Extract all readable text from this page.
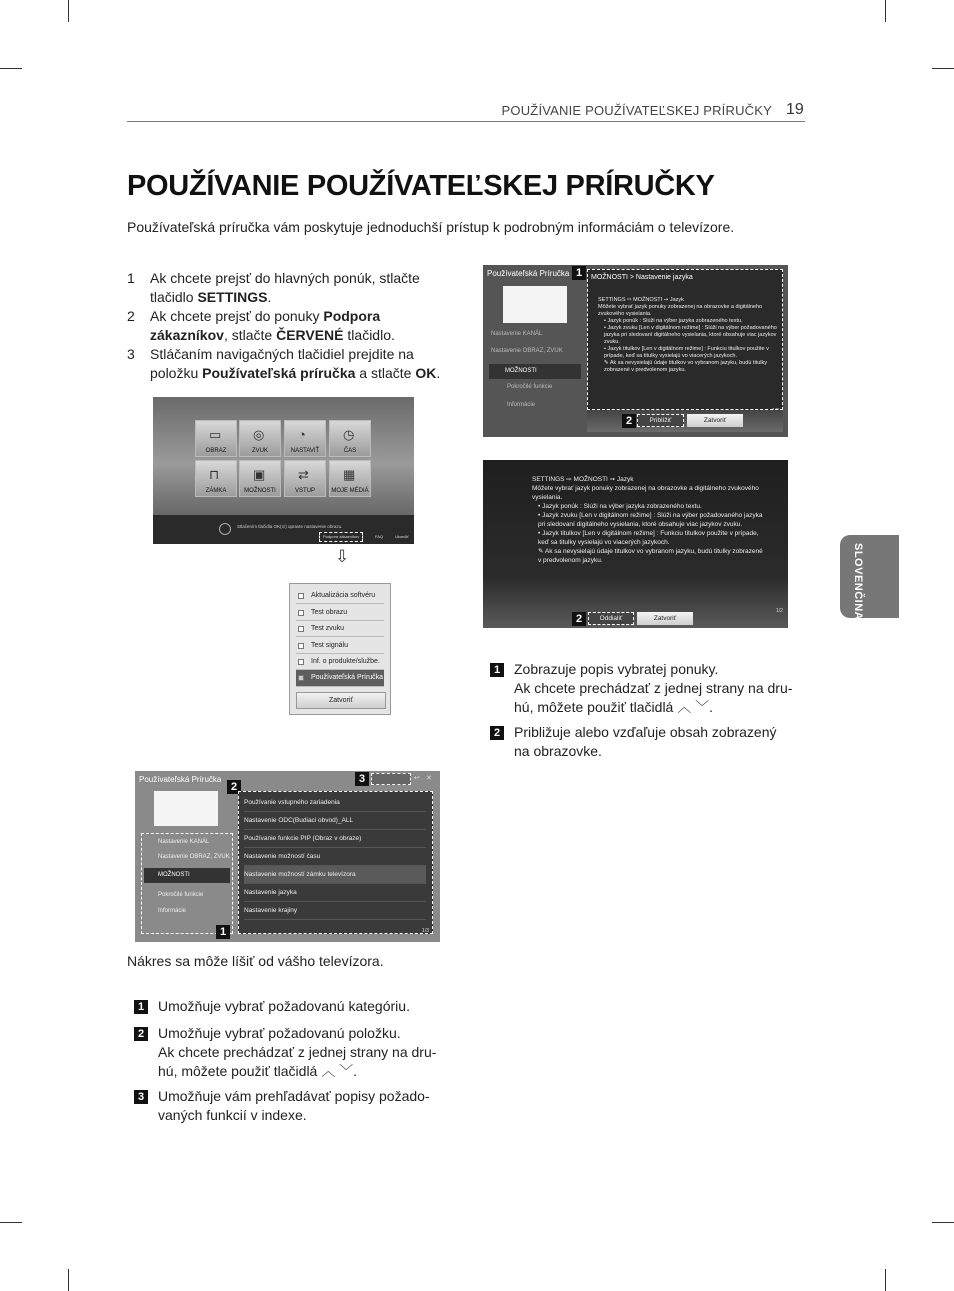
POUŽÍVANIE POUŽÍVATEĽSKEJ PRÍRUČKY 19
POUŽÍVANIE POUŽÍVATEĽSKEJ PRÍRUČKY

Používateľská príručka vám poskytuje jednoduchší prístup k podrobným informáciám o televízore.

1 Ak chcete prejsť do hlavných ponúk, stlačte tlačidlo SETTINGS.
2 Ak chcete prejsť do ponuky Podpora zákazníkov, stlačte ČERVENÉ tlačidlo.
3 Stláčaním navigačných tlačidiel prejdite na položku Používateľská príručka a stlačte OK.
▭
OBRAZ
◎
ZVUK
◔
NASTAVIŤ
◷
ČAS
⊓
ZÁMKA
▣
MOŽNOSTI
⇄
VSTUP
▦
MOJE MÉDIÁ
Stlačením tlačidla OK(⊙) upravte nastavenie obrazu.
Podpora zákazníkov	FAQ	Ukončiť
⇩
Aktualizácia softvéru
Test obrazu
Test zvuku
Test signálu
Inf. o produkte/službe.
Používateľská Príručka
Zatvoriť
Používateľská Príručka
Nastavenie KANÁL
Nastavenie OBRAZ, ZVUK
MOŽNOSTI
Pokročilé funkcie
Informácie
1	MOŽNOSTI > Nastavenie jazyka
SETTINGS ⇨ MOŽNOSTI ➙ Jazyk
Môžete vybrať jazyk ponuky zobrazenej na obrazovke a digitálneho zvukového vysielania.
• Jazyk ponúk : Slúži na výber jazyka zobrazeného textu.
• Jazyk zvuku [Len v digitálnom režime] : Slúži na výber požadovaného jazyka pri sledovaní digitálneho vysielania, ktoré obsahuje viac jazykov zvuku.
• Jazyk titulkov [Len v digitálnom režime] : Funkciu titulkov použite v prípade, keď sa titulky vysielajú vo viacerých jazykoch.
✎ Ak sa nevysielajú údaje titulkov vo vybranom jazyku, budú titulky zobrazené v predvolenom jazyku.
2	Priblížiť	Zatvoriť
SETTINGS ⇨ MOŽNOSTI ➙ Jazyk
Môžete vybrať jazyk ponuky zobrazenej na obrazovke a digitálneho zvukového vysielania.
• Jazyk ponúk : Slúži na výber jazyka zobrazeného textu.
• Jazyk zvuku [Len v digitálnom režime] : Slúži na výber požadovaného jazyka pri sledovaní digitálneho vysielania, ktoré obsahuje viac jazykov zvuku.
• Jazyk titulkov [Len v digitálnom režime] : Funkciu titulkov použite v prípade, keď sa titulky vysielajú vo viacerých jazykoch.
✎ Ak sa nevysielajú údaje titulkov vo vybranom jazyku, budú titulky zobrazené v predvolenom jazyku.
1/2
2	Oddialiť	Zatvoriť
1 Zobrazuje popis vybratej ponuky.
Ak chcete prechádzať z jednej strany na dru-
hú, môžete použiť tlačidlá ︿ ﹀.
2 Približuje alebo vzďaľuje obsah zobrazený
na obrazovke.
Používateľská Príručka
2
3	↩ ✕
Nastavenie KANÁL
Nastavenie OBRAZ, ZVUK
MOŽNOSTI
Pokročilé funkcie
Informácie
1
Používanie vstupného zariadenia
Nastavenie ODC(Budiaci obvod)_ALL
Používanie funkcie PIP (Obraz v obraze)
Nastavenie možností času
Nastavenie možností zámku televízora
Nastavenie jazyka
Nastavenie krajiny
1/3
Nákres sa môže líšiť od vášho televízora.
1 Umožňuje vybrať požadovanú kategóriu.
2 Umožňuje vybrať požadovanú položku.
Ak chcete prechádzať z jednej strany na dru-
hú, môžete použiť tlačidlá ︿ ﹀.
3 Umožňuje vám prehľadávať popisy požado-
vaných funkcií v indexe.
SLOVENČINA
